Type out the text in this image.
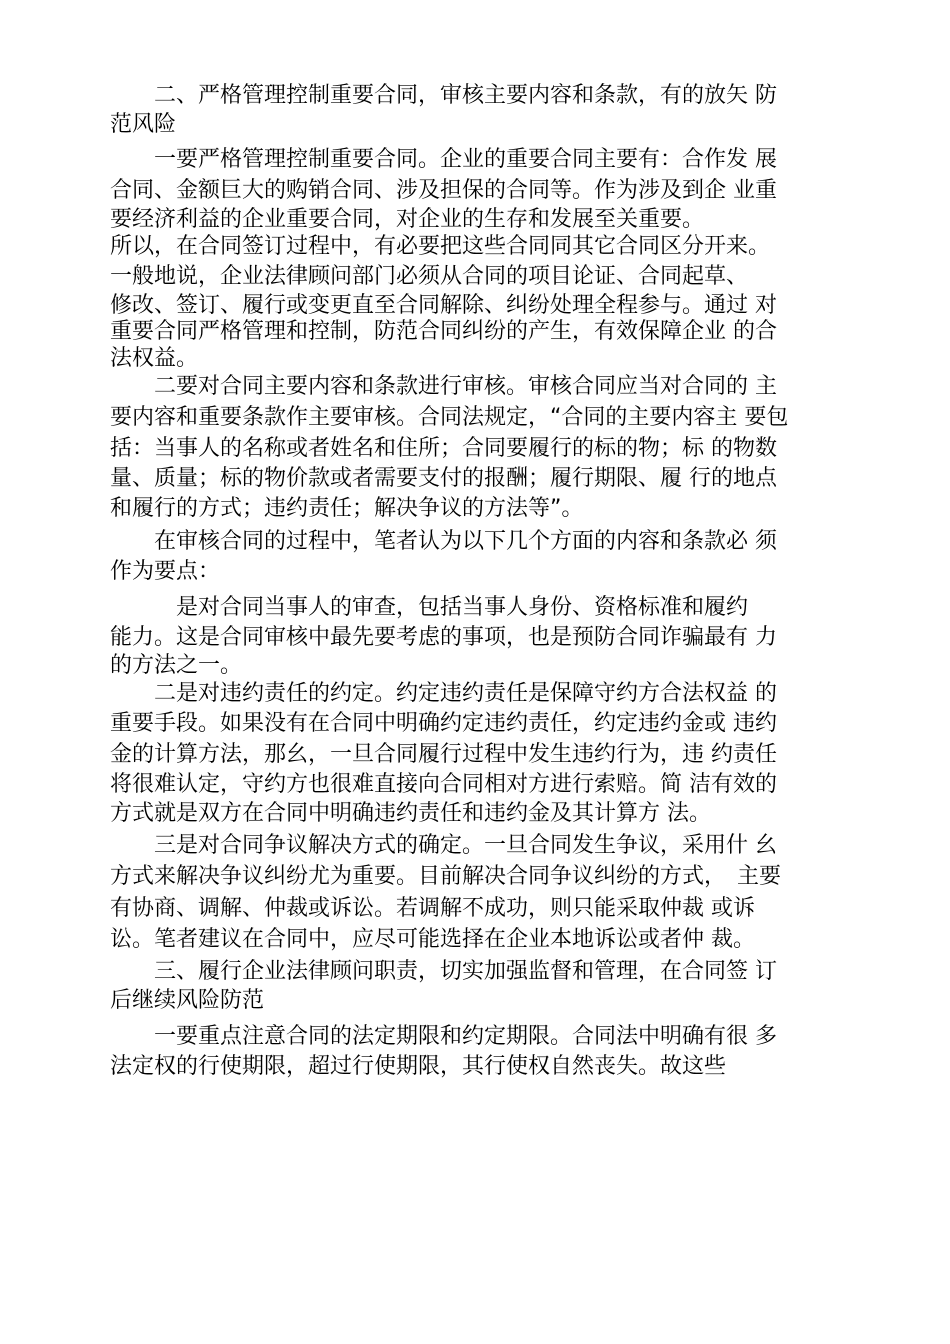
　　二、严格管理控制重要合同，审核主要内容和条款，有的放矢 防
范风险
　　一要严格管理控制重要合同。企业的重要合同主要有：合作发 展
合同、金额巨大的购销合同、涉及担保的合同等。作为涉及到企 业重
要经济利益的企业重要合同，对企业的生存和发展至关重要。
所以，在合同签订过程中，有必要把这些合同同其它合同区分开来。
一般地说，企业法律顾问部门必须从合同的项目论证、合同起草、
修改、签订、履行或变更直至合同解除、纠纷处理全程参与。通过 对
重要合同严格管理和控制，防范合同纠纷的产生，有效保障企业 的合
法权益。
　　二要对合同主要内容和条款进行审核。审核合同应当对合同的 主
要内容和重要条款作主要审核。合同法规定，“合同的主要内容主 要包
括：当事人的名称或者姓名和住所；合同要履行的标的物；标 的物数
量、质量；标的物价款或者需要支付的报酬；履行期限、履 行的地点
和履行的方式；违约责任；解决争议的方法等”。
　　在审核合同的过程中，笔者认为以下几个方面的内容和条款必 须
作为要点：
　　　是对合同当事人的审查，包括当事人身份、资格标准和履约
能力。这是合同审核中最先要考虑的事项，也是预防合同诈骗最有 力
的方法之一。
　　二是对违约责任的约定。约定违约责任是保障守约方合法权益 的
重要手段。如果没有在合同中明确约定违约责任，约定违约金或 违约
金的计算方法，那幺，一旦合同履行过程中发生违约行为，违 约责任
将很难认定，守约方也很难直接向合同相对方进行索赔。简 洁有效的
方式就是双方在合同中明确违约责任和违约金及其计算方 法。
　　三是对合同争议解决方式的确定。一旦合同发生争议，采用什 幺
方式来解决争议纠纷尤为重要。目前解决合同争议纠纷的方式，　主要
有协商、调解、仲裁或诉讼。若调解不成功，则只能采取仲裁 或诉
讼。笔者建议在合同中，应尽可能选择在企业本地诉讼或者仲 裁。
　　三、履行企业法律顾问职责，切实加强监督和管理，在合同签 订
后继续风险防范
　　一要重点注意合同的法定期限和约定期限。合同法中明确有很 多
法定权的行使期限，超过行使期限，其行使权自然丧失。故这些
